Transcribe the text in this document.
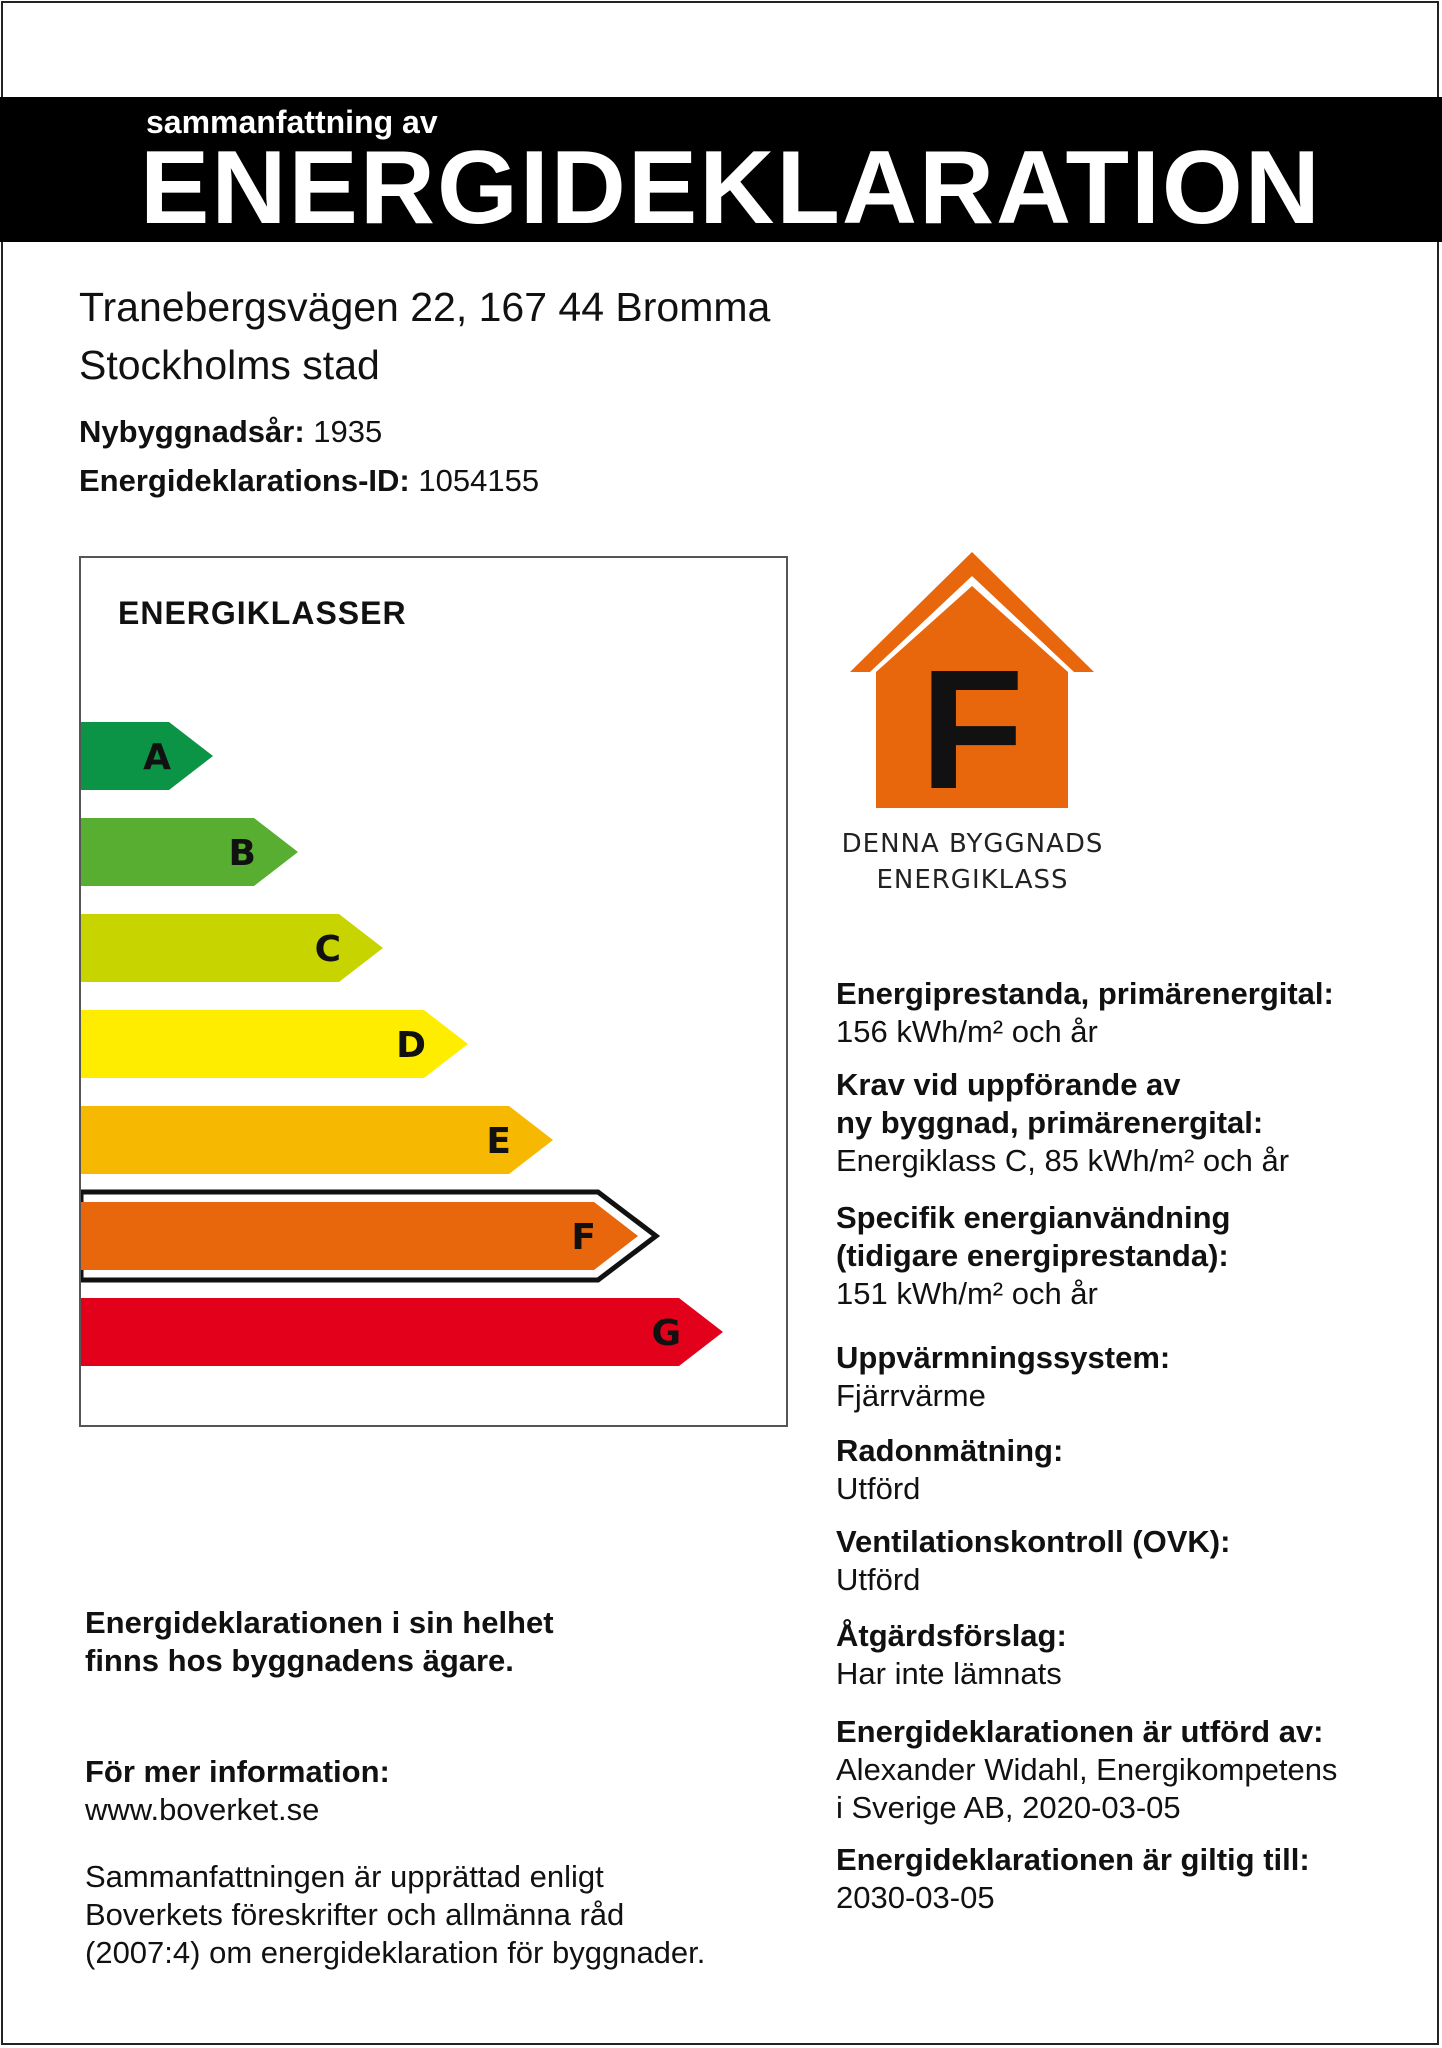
sammanfattning av
ENERGIDEKLARATION
Tranebergsvägen 22, 167 44 Bromma
Stockholms stad
Nybyggnadsår: 1935
Energideklarations-ID: 1054155
ENERGIKLASSER
A
B
C
D
E
F
G
F
DENNA BYGGNADS
ENERGIKLASS
Energiprestanda, primärenergital:
156 kWh/m² och år
Krav vid uppförande av
ny byggnad, primärenergital:
Energiklass C, 85 kWh/m² och år
Specifik energianvändning
(tidigare energiprestanda):
151 kWh/m² och år
Uppvärmningssystem:
Fjärrvärme
Radonmätning:
Utförd
Ventilationskontroll (OVK):
Utförd
Åtgärdsförslag:
Har inte lämnats
Energideklarationen är utförd av:
Alexander Widahl, Energikompetens
i Sverige AB, 2020-03-05
Energideklarationen är giltig till:
2030-03-05
Energideklarationen i sin helhet
finns hos byggnadens ägare.
För mer information:
www.boverket.se
Sammanfattningen är upprättad enligt
Boverkets föreskrifter och allmänna råd
(2007:4) om energideklaration för byggnader.
